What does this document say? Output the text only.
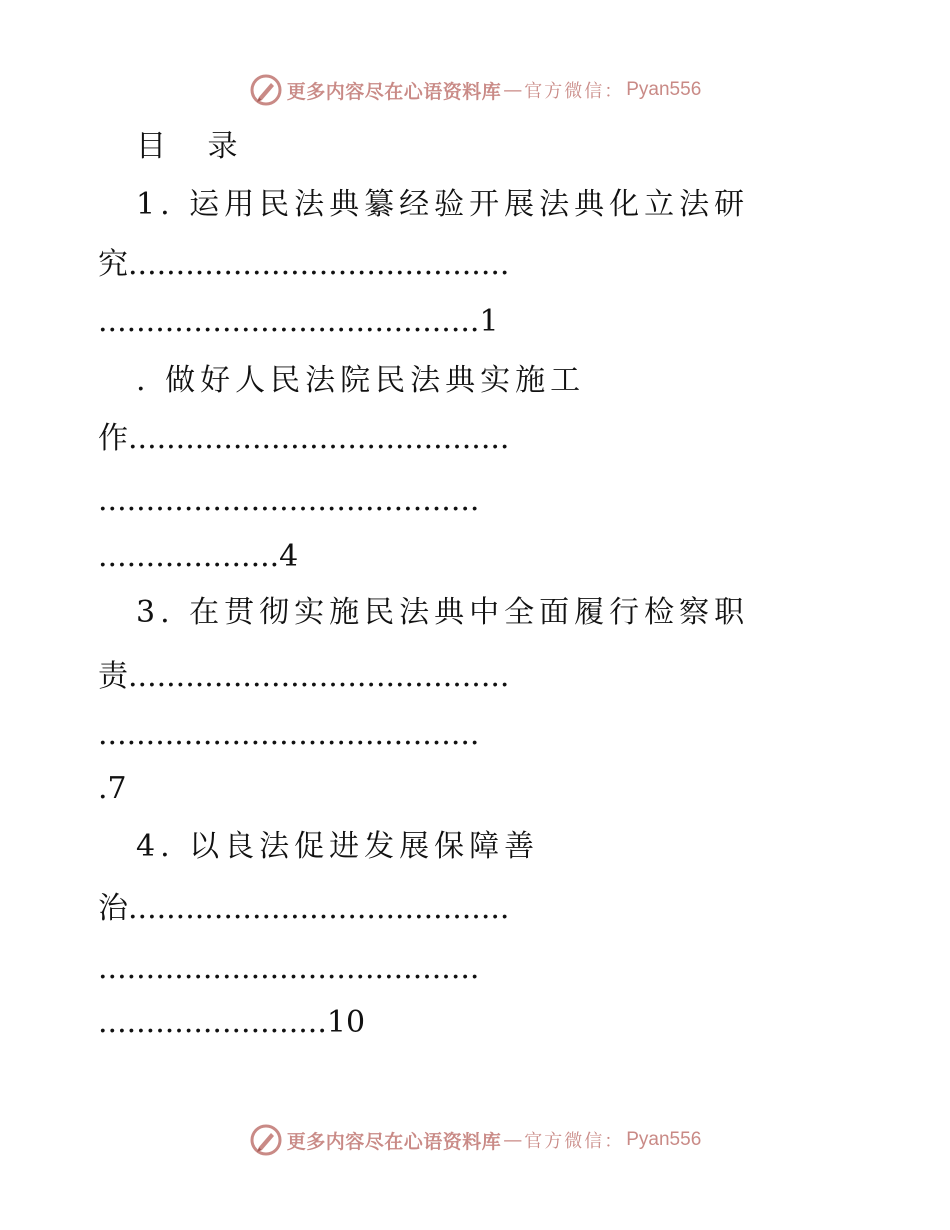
更多内容尽在心语资料库 — 官方微信： Pyan556
目 录
1. 运用民法典纂经验开展法典化立法研
究........................................
........................................1
. 做好人民法院民法典实施工
作........................................
........................................
...................4
3. 在贯彻实施民法典中全面履行检察职
责........................................
........................................
.7
4. 以良法促进发展保障善
治........................................
........................................
........................10
更多内容尽在心语资料库 — 官方微信： Pyan556
